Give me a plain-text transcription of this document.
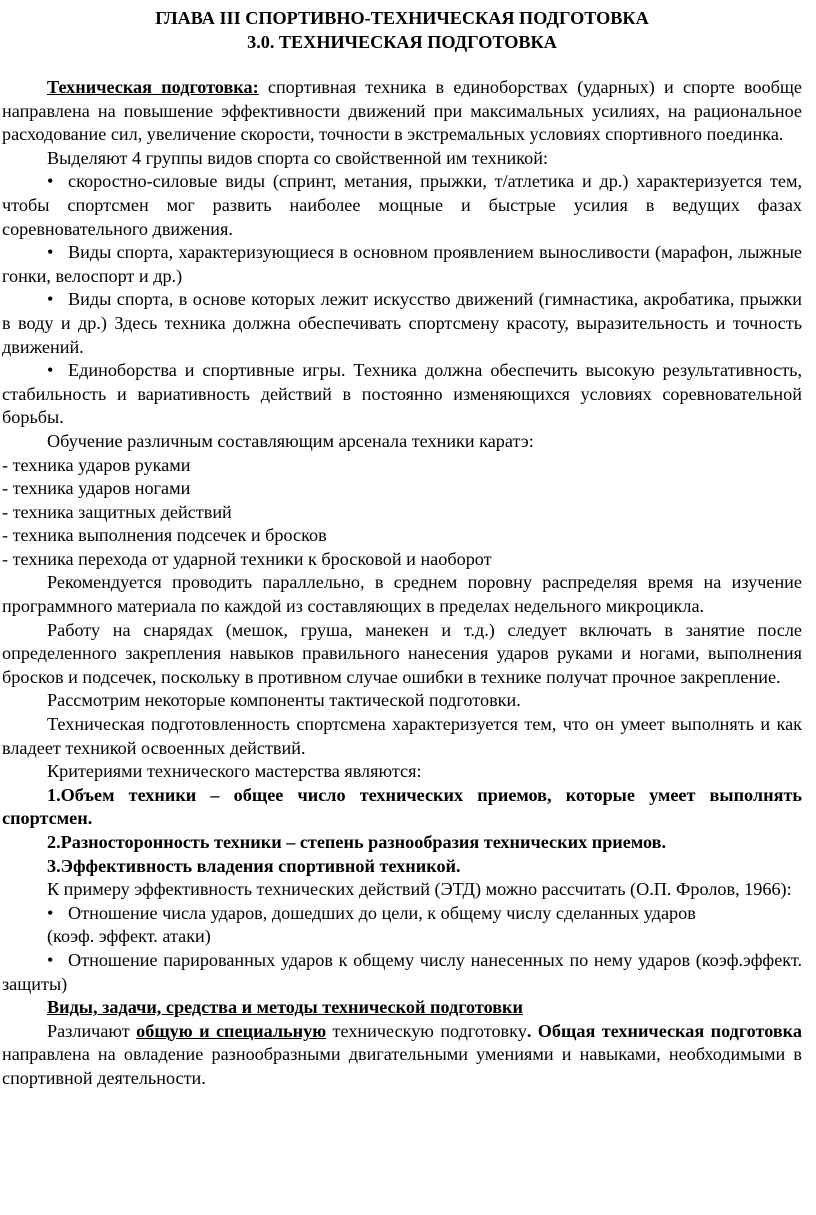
ГЛАВА III СПОРТИВНО-ТЕХНИЧЕСКАЯ ПОДГОТОВКА
3.0. ТЕХНИЧЕСКАЯ ПОДГОТОВКА

Техническая подготовка: спортивная техника в единоборствах (ударных) и спорте вообще направлена на повышение эффективности движений при максимальных усилиях, на рациональное расходование сил, увеличение скорости, точности в экстремальных условиях спортивного поединка.

Выделяют 4 группы видов спорта со свойственной им техникой:

• скоростно-силовые виды (спринт, метания, прыжки, т/атлетика и др.) характеризуется тем, чтобы спортсмен мог развить наиболее мощные и быстрые усилия в ведущих фазах соревновательного движения.

• Виды спорта, характеризующиеся в основном проявлением выносливости (марафон, лыжные гонки, велоспорт и др.)

• Виды спорта, в основе которых лежит искусство движений (гимнастика, акробатика, прыжки в воду и др.) Здесь техника должна обеспечивать спортсмену красоту, выразительность и точность движений.

• Единоборства и спортивные игры. Техника должна обеспечить высокую результативность, стабильность и вариативность действий в постоянно изменяющихся условиях соревновательной борьбы.

Обучение различным составляющим арсенала техники каратэ:

- техника ударов руками

- техника ударов ногами

- техника защитных действий

- техника выполнения подсечек и бросков

- техника перехода от ударной техники к бросковой и наоборот

Рекомендуется проводить параллельно, в среднем поровну распределяя время на изучение программного материала по каждой из составляющих в пределах недельного микроцикла.

Работу на снарядах (мешок, груша, манекен и т.д.) следует включать в занятие после определенного закрепления навыков правильного нанесения ударов руками и ногами, выполнения бросков и подсечек, поскольку в противном случае ошибки в технике получат прочное закрепление.

Рассмотрим некоторые компоненты тактической подготовки.

Техническая подготовленность спортсмена характеризуется тем, что он умеет выполнять и как владеет техникой освоенных действий.

Критериями технического мастерства являются:

1.Объем техники – общее число технических приемов, которые умеет выполнять спортсмен.

2.Разносторонность техники – степень разнообразия технических приемов.

3.Эффективность владения спортивной техникой.

К примеру эффективность технических действий (ЭТД) можно рассчитать (О.П. Фролов, 1966):

• Отношение числа ударов, дошедших до цели, к общему числу сделанных ударов

(коэф. эффект. атаки)

• Отношение парированных ударов к общему числу нанесенных по нему ударов (коэф.эффект. защиты)

Виды, задачи, средства и методы технической подготовки

Различают общую и специальную техническую подготовку. Общая техническая подготовка направлена на овладение разнообразными двигательными умениями и навыками, необходимыми в спортивной деятельности.
